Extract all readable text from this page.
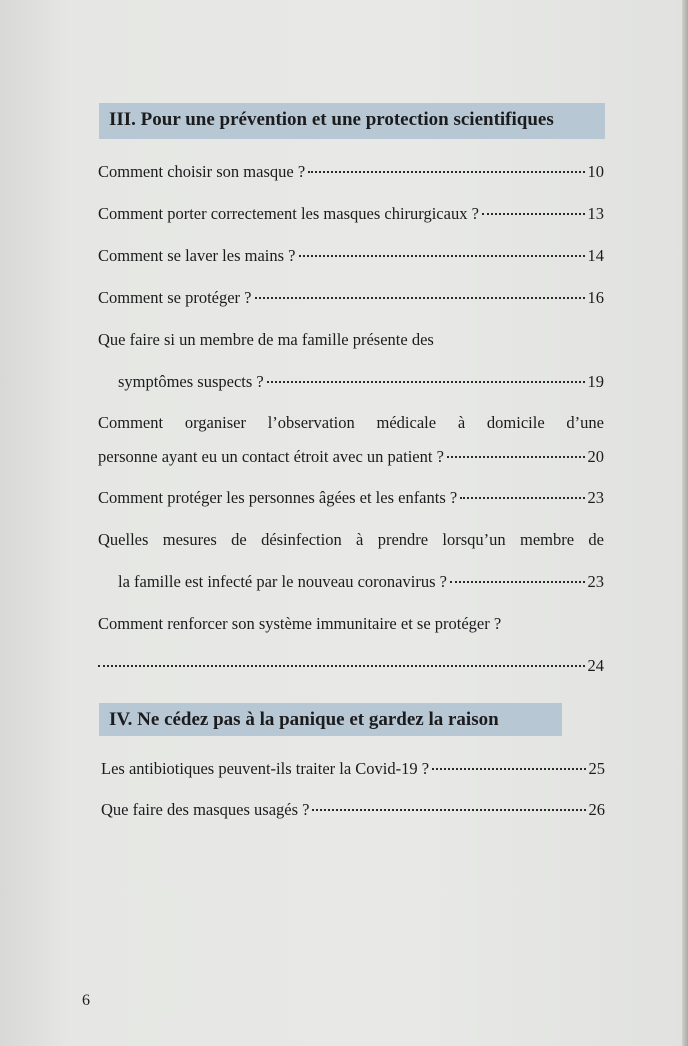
III. Pour une prévention et une protection scientifiques
Comment choisir son masque ?	10
Comment porter correctement les masques chirurgicaux ?	13
Comment se laver les mains ?	14
Comment se protéger ?	16
Que faire si un membre de ma famille présente des
symptômes suspects ?	19
Comment organiser l’observation médicale à domicile d’une
personne ayant eu un contact étroit avec un patient ?	20
Comment protéger les personnes âgées et les enfants ?	23
Quelles mesures de désinfection à prendre lorsqu’un membre de
la famille est infecté par le nouveau coronavirus ?	23
Comment renforcer son système immunitaire et se protéger ?
24
IV. Ne cédez pas à la panique et gardez la raison
Les antibiotiques peuvent-ils traiter la Covid-19 ?	25
Que faire des masques usagés ?	26
6
